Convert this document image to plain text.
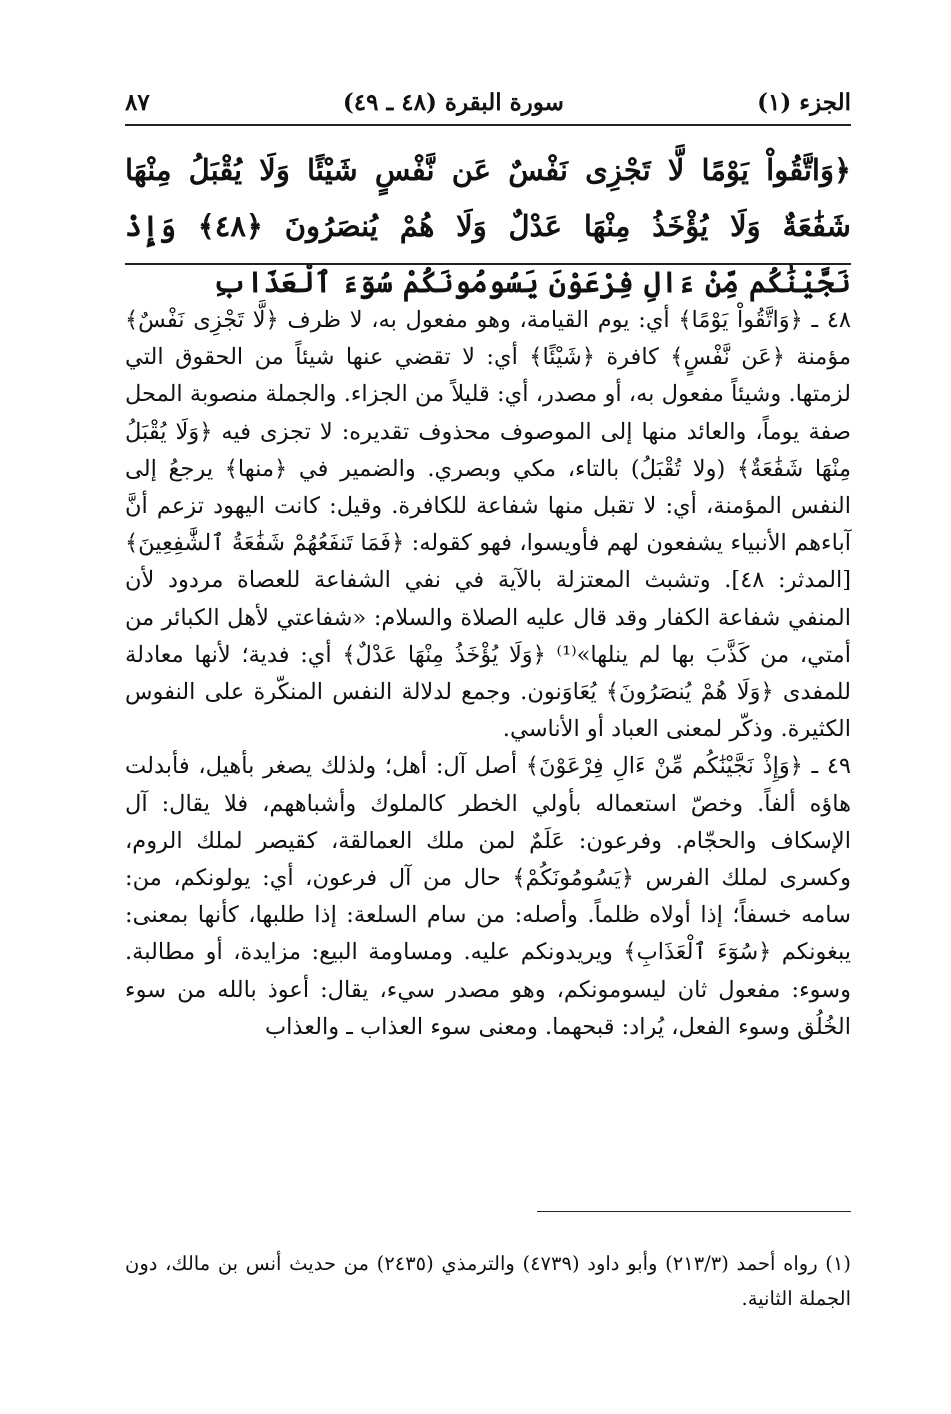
الجزء (١)
سورة البقرة (٤٨ ـ ٤٩)
٨٧
﴿وَاتَّقُواْ يَوْمًا لَّا تَجْزِى نَفْسٌ عَن نَّفْسٍ شَيْئًا وَلَا يُقْبَلُ مِنْهَا شَفَٰعَةٌ وَلَا يُؤْخَذُ مِنْهَا عَدْلٌ وَلَا هُمْ يُنصَرُونَ ﴿٤٨﴾ وَإِذْ نَجَّيْنَٰكُم مِّنْ ءَالِ فِرْعَوْنَ يَسُومُونَكُمْ سُوٓءَ ٱلْعَذَابِ

٤٨ ـ ﴿وَاتَّقُواْ يَوْمًا﴾ أي: يوم القيامة، وهو مفعول به، لا ظرف ﴿لَّا تَجْزِى نَفْسٌ﴾ مؤمنة ﴿عَن نَّفْسٍ﴾ كافرة ﴿شَيْئًا﴾ أي: لا تقضي عنها شيئاً من الحقوق التي لزمتها. وشيئاً مفعول به، أو مصدر، أي: قليلاً من الجزاء. والجملة منصوبة المحل صفة يوماً، والعائد منها إلى الموصوف محذوف تقديره: لا تجزى فيه ﴿وَلَا يُقْبَلُ مِنْهَا شَفَٰعَةٌ﴾ (ولا تُقْبَلُ) بالتاء، مكي وبصري. والضمير في ﴿منها﴾ يرجعُ إلى النفس المؤمنة، أي: لا تقبل منها شفاعة للكافرة. وقيل: كانت اليهود تزعم أنَّ آباءهم الأنبياء يشفعون لهم فأويسوا، فهو كقوله: ﴿فَمَا تَنفَعُهُمْ شَفَٰعَةُ ٱلشَّٰفِعِينَ﴾ [المدثر: ٤٨]. وتشبث المعتزلة بالآية في نفي الشفاعة للعصاة مردود لأن المنفي شفاعة الكفار وقد قال عليه الصلاة والسلام: «شفاعتي لأهل الكبائر من أمتي، من كَذَّبَ بها لم ينلها»⁽¹⁾ ﴿وَلَا يُؤْخَذُ مِنْهَا عَدْلٌ﴾ أي: فدية؛ لأنها معادلة للمفدى ﴿وَلَا هُمْ يُنصَرُونَ﴾ يُعَاوَنون. وجمع لدلالة النفس المنكّرة على النفوس الكثيرة. وذكّر لمعنى العباد أو الأناسي.

٤٩ ـ ﴿وَإِذْ نَجَّيْنَٰكُم مِّنْ ءَالِ فِرْعَوْنَ﴾ أصل آل: أهل؛ ولذلك يصغر بأهيل، فأبدلت هاؤه ألفاً. وخصّ استعماله بأولي الخطر كالملوك وأشباههم، فلا يقال: آل الإسكاف والحجّام. وفرعون: عَلَمٌ لمن ملك العمالقة، كقيصر لملك الروم، وكسرى لملك الفرس ﴿يَسُومُونَكُمْ﴾ حال من آل فرعون، أي: يولونكم، من: سامه خسفاً؛ إذا أولاه ظلماً. وأصله: من سام السلعة: إذا طلبها، كأنها بمعنى: يبغونكم ﴿سُوٓءَ ٱلْعَذَابِ﴾ ويريدونكم عليه. ومساومة البيع: مزايدة، أو مطالبة. وسوء: مفعول ثان ليسومونكم، وهو مصدر سيء، يقال: أعوذ بالله من سوء الخُلُق وسوء الفعل، يُراد: قبحهما. ومعنى سوء العذاب ـ والعذاب

(١) رواه أحمد (٢١٣/٣) وأبو داود (٤٧٣٩) والترمذي (٢٤٣٥) من حديث أنس بن مالك، دون الجملة الثانية.
